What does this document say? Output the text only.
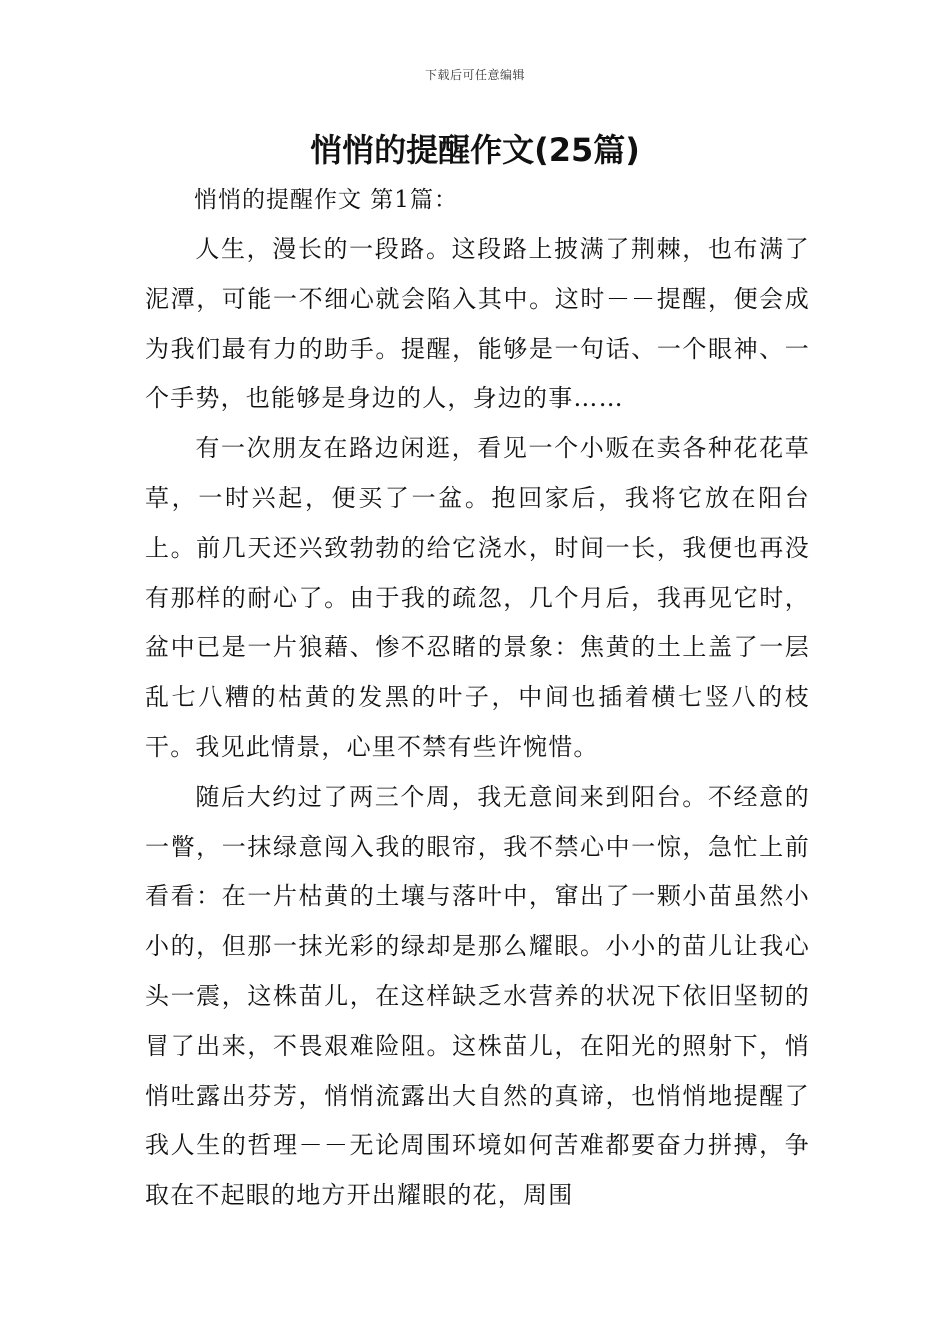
下载后可任意编辑
悄悄的提醒作文(25篇)
悄悄的提醒作文 第1篇：

人生，漫长的一段路。这段路上披满了荆棘，也布满了泥潭，可能一不细心就会陷入其中。这时－－提醒，便会成为我们最有力的助手。提醒，能够是一句话、一个眼神、一个手势，也能够是身边的人，身边的事……

有一次朋友在路边闲逛，看见一个小贩在卖各种花花草草，一时兴起，便买了一盆。抱回家后，我将它放在阳台上。前几天还兴致勃勃的给它浇水，时间一长，我便也再没有那样的耐心了。由于我的疏忽，几个月后，我再见它时，盆中已是一片狼藉、惨不忍睹的景象：焦黄的土上盖了一层乱七八糟的枯黄的发黑的叶子，中间也插着横七竖八的枝干。我见此情景，心里不禁有些许惋惜。

随后大约过了两三个周，我无意间来到阳台。不经意的一瞥，一抹绿意闯入我的眼帘，我不禁心中一惊，急忙上前看看：在一片枯黄的土壤与落叶中，窜出了一颗小苗虽然小小的，但那一抹光彩的绿却是那么耀眼。小小的苗儿让我心头一震，这株苗儿，在这样缺乏水营养的状况下依旧坚韧的冒了出来，不畏艰难险阻。这株苗儿，在阳光的照射下，悄悄吐露出芬芳，悄悄流露出大自然的真谛，也悄悄地提醒了我人生的哲理－－无论周围环境如何苦难都要奋力拼搏，争取在不起眼的地方开出耀眼的花，周围
